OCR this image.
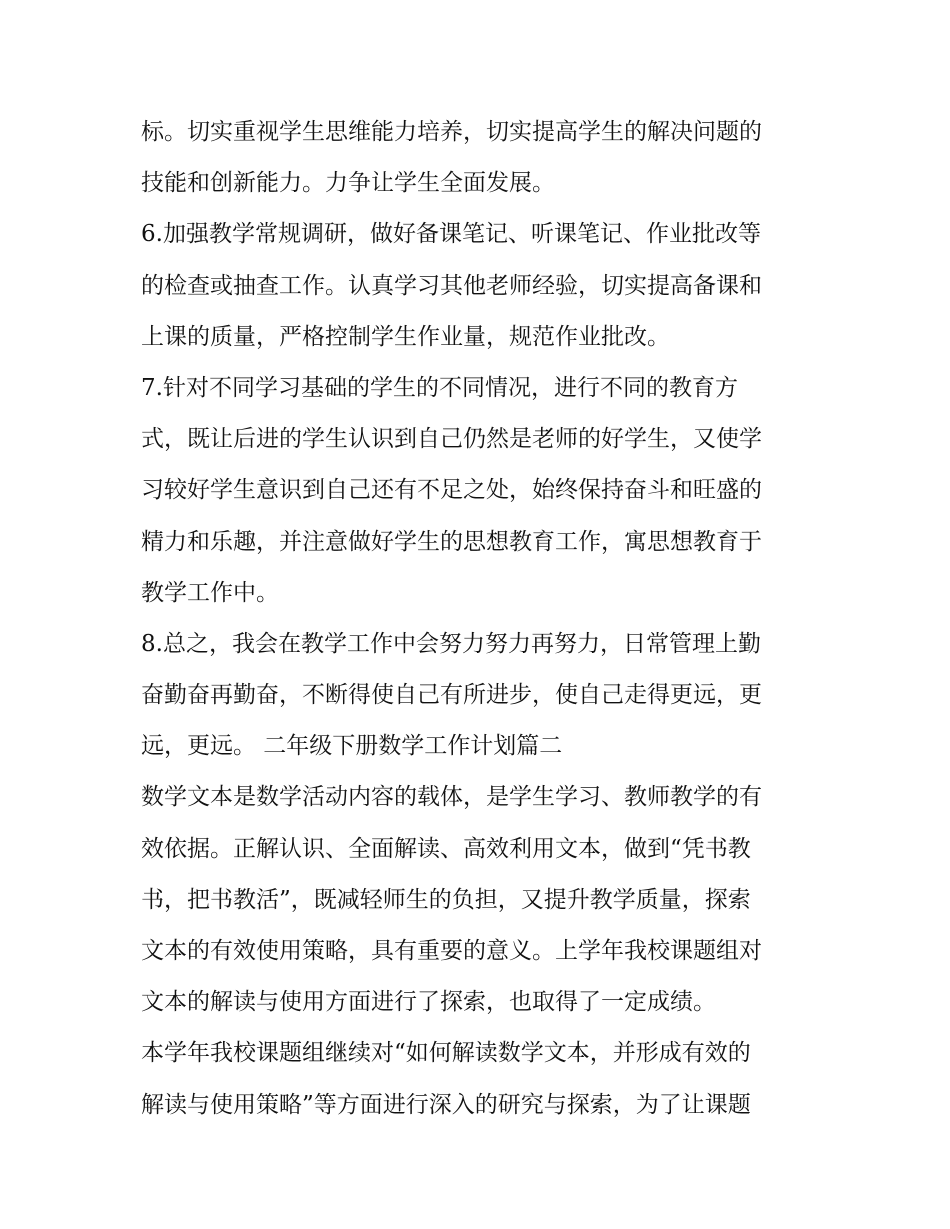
标。切实重视学生思维能力培养，切实提高学生的解决问题的
技能和创新能力。力争让学生全面发展。
6.加强教学常规调研，做好备课笔记、听课笔记、作业批改等
的检查或抽查工作。认真学习其他老师经验，切实提高备课和
上课的质量，严格控制学生作业量，规范作业批改。
7.针对不同学习基础的学生的不同情况，进行不同的教育方
式，既让后进的学生认识到自己仍然是老师的好学生，又使学
习较好学生意识到自己还有不足之处，始终保持奋斗和旺盛的
精力和乐趣，并注意做好学生的思想教育工作，寓思想教育于
教学工作中。
8.总之，我会在教学工作中会努力努力再努力，日常管理上勤
奋勤奋再勤奋，不断得使自己有所进步，使自己走得更远，更
远，更远。 二年级下册数学工作计划篇二
数学文本是数学活动内容的载体，是学生学习、教师教学的有
效依据。正解认识、全面解读、高效利用文本，做到“凭书教
书，把书教活”，既减轻师生的负担，又提升教学质量，探索
文本的有效使用策略，具有重要的意义。上学年我校课题组对
文本的解读与使用方面进行了探索，也取得了一定成绩。
本学年我校课题组继续对“如何解读数学文本，并形成有效的
解读与使用策略”等方面进行深入的研究与探索，为了让课题
